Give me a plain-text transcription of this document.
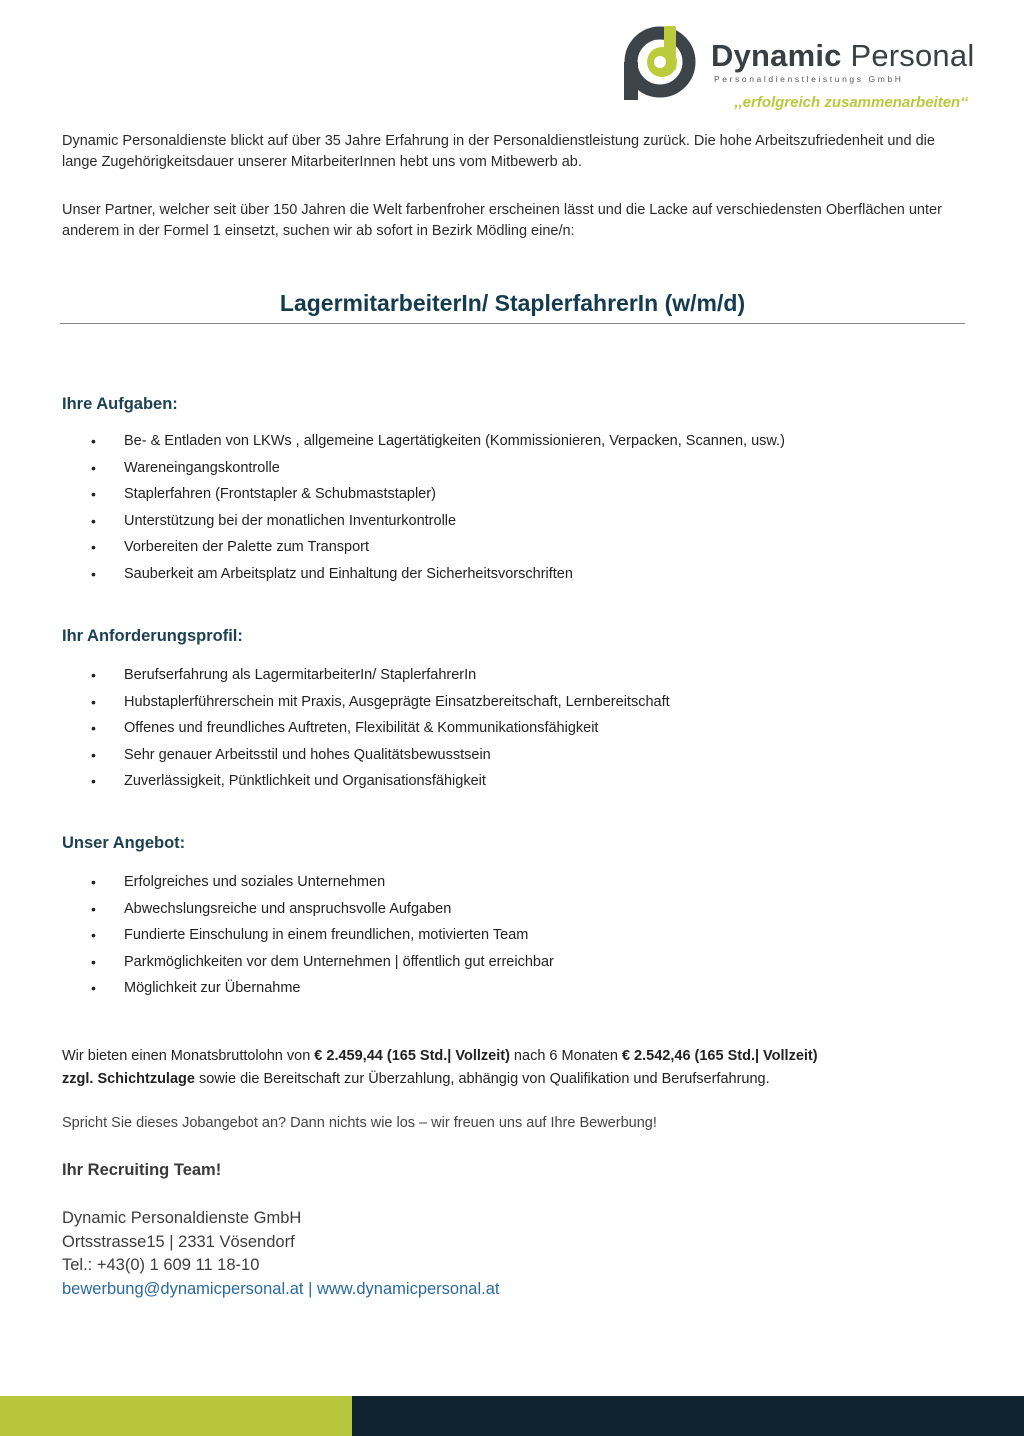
Dynamic Personal
Personaldienstleistungs GmbH
,,erfolgreich zusammenarbeiten‘‘

Dynamic Personaldienste blickt auf über 35 Jahre Erfahrung in der Personaldienstleistung zurück. Die hohe Arbeitszufriedenheit und die lange Zugehörigkeitsdauer unserer MitarbeiterInnen hebt uns vom Mitbewerb ab.

Unser Partner, welcher seit über 150 Jahren die Welt farbenfroher erscheinen lässt und die Lacke auf verschiedensten Oberflächen unter anderem in der Formel 1 einsetzt, suchen wir ab sofort in Bezirk Mödling eine/n:

LagermitarbeiterIn/ StaplerfahrerIn (w/m/d)
Ihre Aufgaben:
• Be- & Entladen von LKWs , allgemeine Lagertätigkeiten (Kommissionieren, Verpacken, Scannen, usw.)
• Wareneingangskontrolle
• Staplerfahren (Frontstapler & Schubmaststapler)
• Unterstützung bei der monatlichen Inventurkontrolle
• Vorbereiten der Palette zum Transport
• Sauberkeit am Arbeitsplatz und Einhaltung der Sicherheitsvorschriften
Ihr Anforderungsprofil:
• Berufserfahrung als LagermitarbeiterIn/ StaplerfahrerIn
• Hubstaplerführerschein mit Praxis, Ausgeprägte Einsatzbereitschaft, Lernbereitschaft
• Offenes und freundliches Auftreten, Flexibilität & Kommunikationsfähigkeit
• Sehr genauer Arbeitsstil und hohes Qualitätsbewusstsein
• Zuverlässigkeit, Pünktlichkeit und Organisationsfähigkeit
Unser Angebot:
• Erfolgreiches und soziales Unternehmen
• Abwechslungsreiche und anspruchsvolle Aufgaben
• Fundierte Einschulung in einem freundlichen, motivierten Team
• Parkmöglichkeiten vor dem Unternehmen | öffentlich gut erreichbar
• Möglichkeit zur Übernahme

Wir bieten einen Monatsbruttolohn von € 2.459,44 (165 Std.| Vollzeit) nach 6 Monaten € 2.542,46 (165 Std.| Vollzeit)
zzgl. Schichtzulage sowie die Bereitschaft zur Überzahlung, abhängig von Qualifikation und Berufserfahrung.

Spricht Sie dieses Jobangebot an? Dann nichts wie los – wir freuen uns auf Ihre Bewerbung!

Ihr Recruiting Team!

Dynamic Personaldienste GmbH
Ortsstrasse15 | 2331 Vösendorf
Tel.: +43(0) 1 609 11 18-10
bewerbung@dynamicpersonal.at | www.dynamicpersonal.at
